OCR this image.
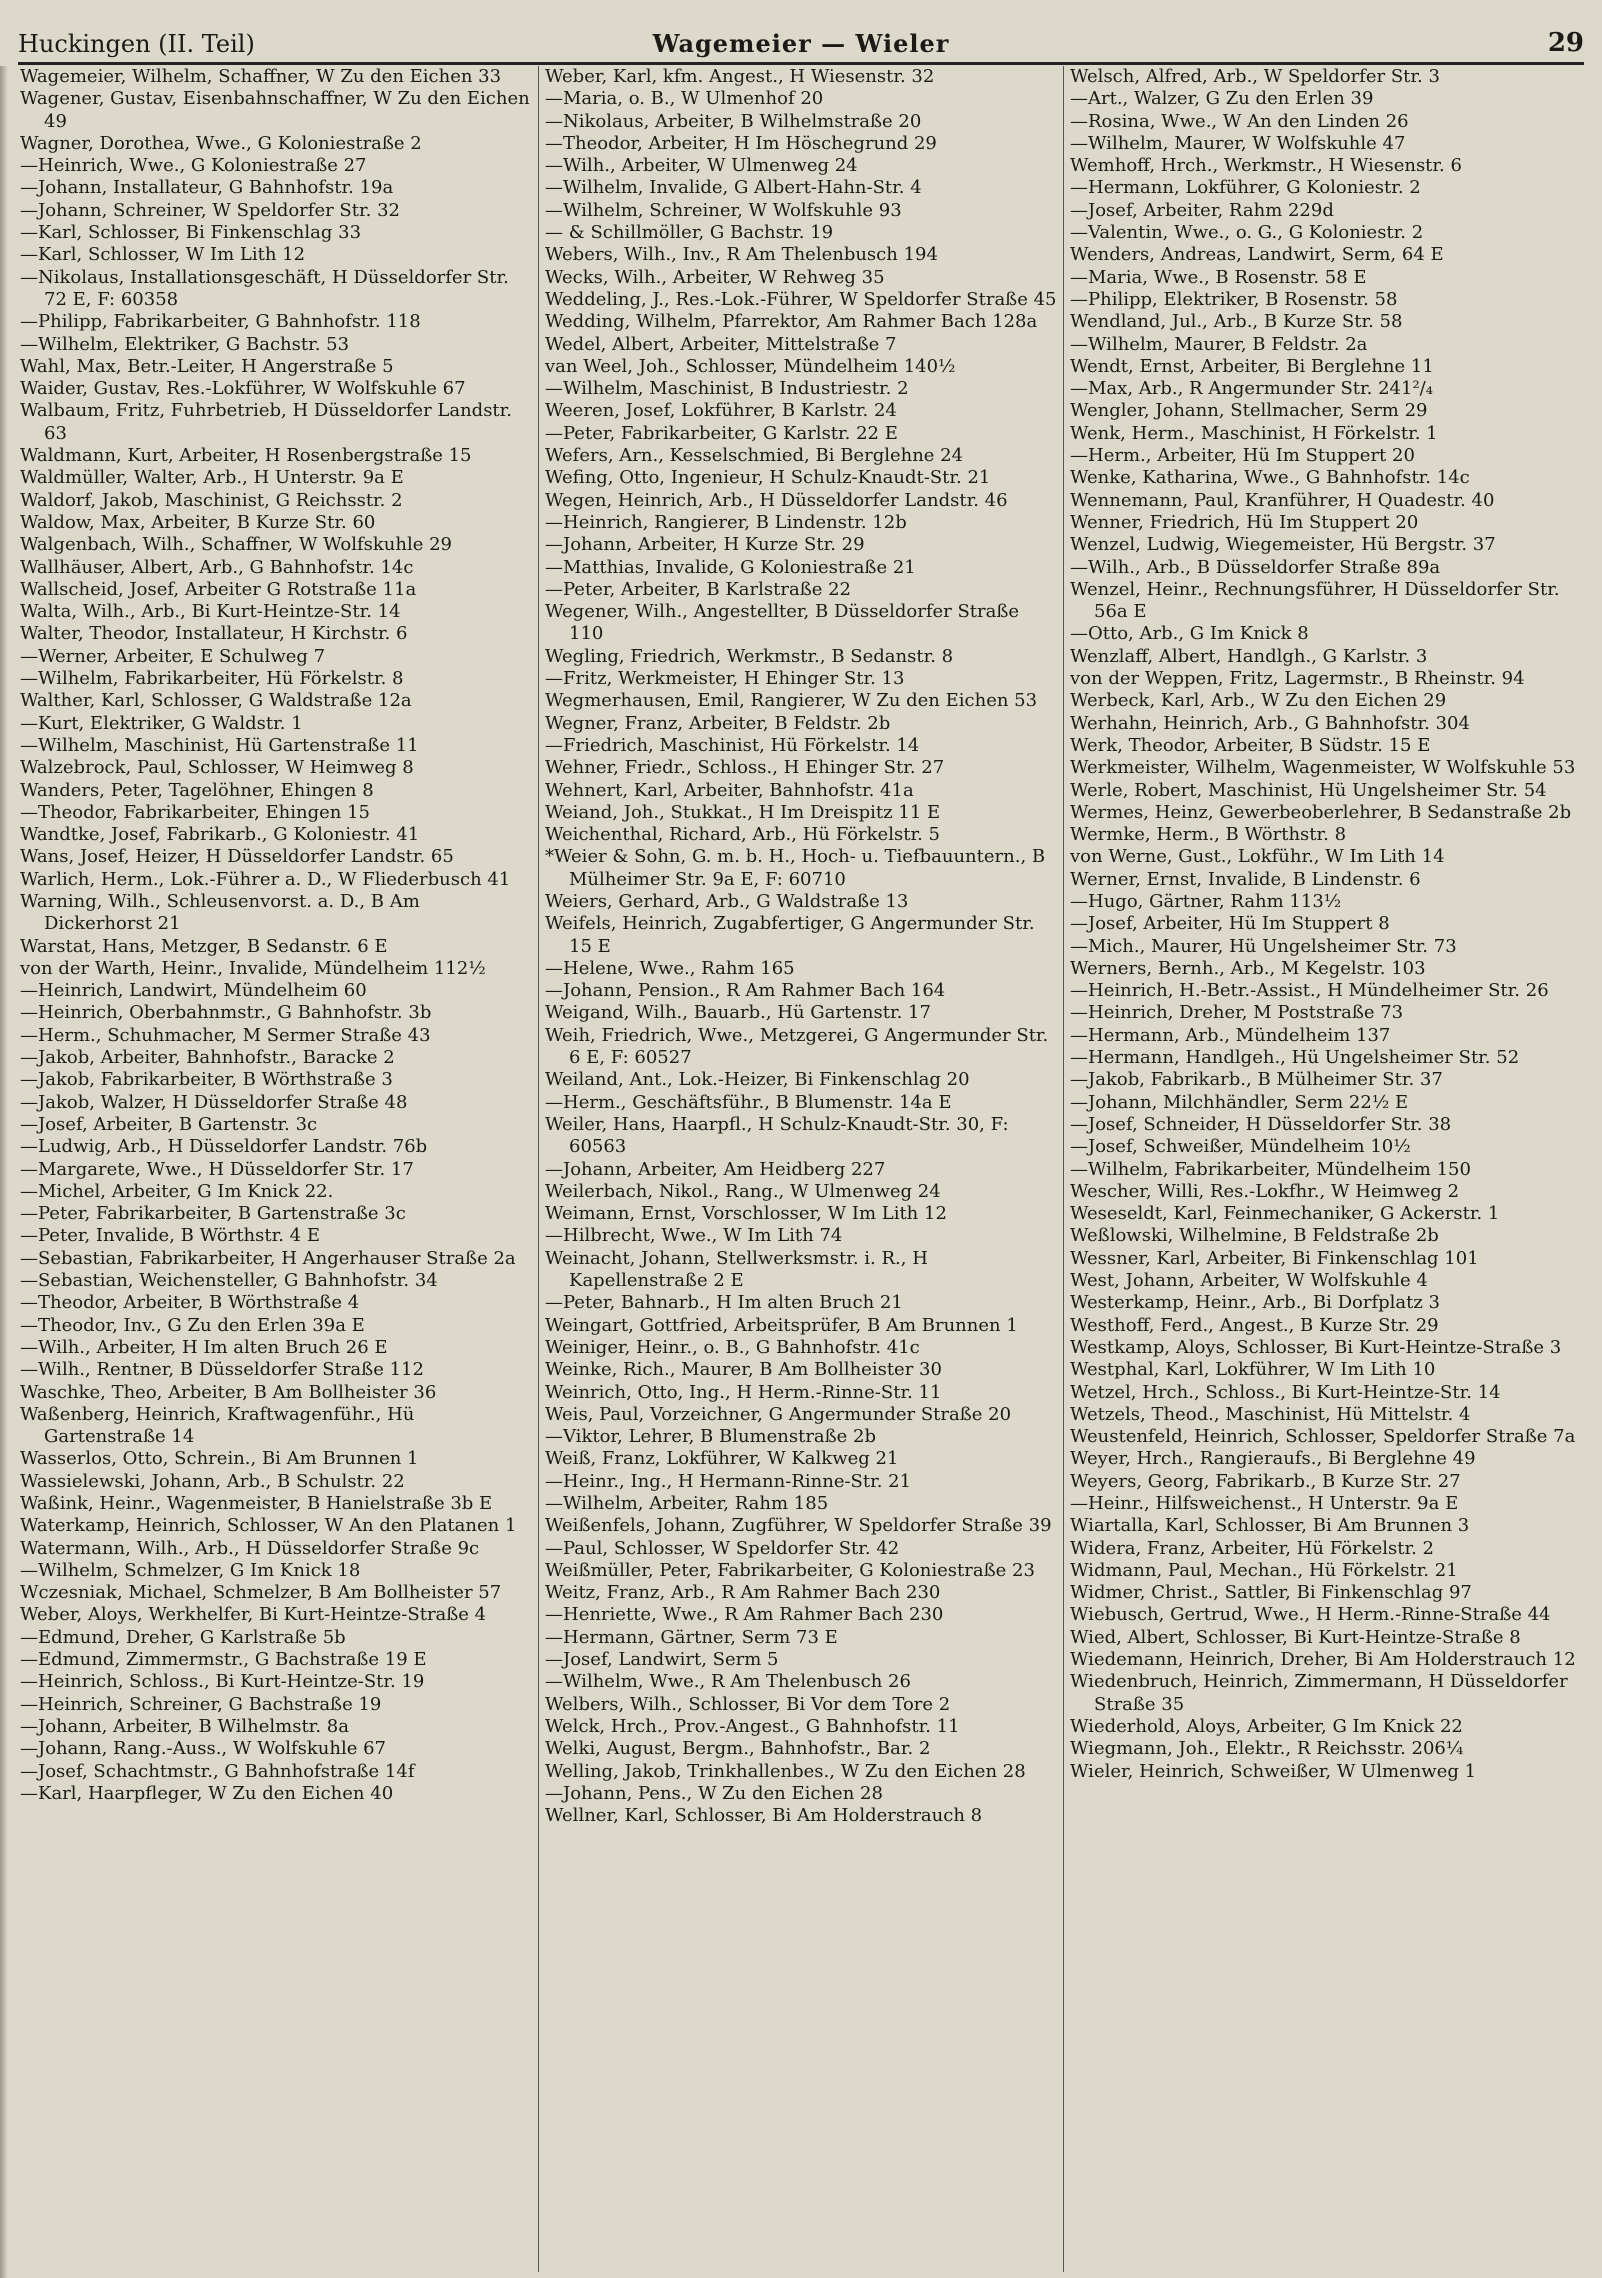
Huckingen (II. Teil)	Wagemeier — Wieler	29

Wagemeier, Wilhelm, Schaffner, W Zu den Eichen 33

Wagener, Gustav, Eisenbahnschaffner, W Zu den Eichen 49

Wagner, Dorothea, Wwe., G Koloniestraße 2

—Heinrich, Wwe., G Koloniestraße 27

—Johann, Installateur, G Bahnhofstr. 19a

—Johann, Schreiner, W Speldorfer Str. 32

—Karl, Schlosser, Bi Finkenschlag 33

—Karl, Schlosser, W Im Lith 12

—Nikolaus, Installationsgeschäft, H Düsseldorfer Str. 72 E, F: 60358

—Philipp, Fabrikarbeiter, G Bahnhofstr. 118

—Wilhelm, Elektriker, G Bachstr. 53

Wahl, Max, Betr.-Leiter, H Angerstraße 5

Waider, Gustav, Res.-Lokführer, W Wolfskuhle 67

Walbaum, Fritz, Fuhrbetrieb, H Düsseldorfer Landstr. 63

Waldmann, Kurt, Arbeiter, H Rosenbergstraße 15

Waldmüller, Walter, Arb., H Unterstr. 9a E

Waldorf, Jakob, Maschinist, G Reichsstr. 2

Waldow, Max, Arbeiter, B Kurze Str. 60

Walgenbach, Wilh., Schaffner, W Wolfskuhle 29

Wallhäuser, Albert, Arb., G Bahnhofstr. 14c

Wallscheid, Josef, Arbeiter G Rotstraße 11a

Walta, Wilh., Arb., Bi Kurt-Heintze-Str. 14

Walter, Theodor, Installateur, H Kirchstr. 6

—Werner, Arbeiter, E Schulweg 7

—Wilhelm, Fabrikarbeiter, Hü Förkelstr. 8

Walther, Karl, Schlosser, G Waldstraße 12a

—Kurt, Elektriker, G Waldstr. 1

—Wilhelm, Maschinist, Hü Gartenstraße 11

Walzebrock, Paul, Schlosser, W Heimweg 8

Wanders, Peter, Tagelöhner, Ehingen 8

—Theodor, Fabrikarbeiter, Ehingen 15

Wandtke, Josef, Fabrikarb., G Koloniestr. 41

Wans, Josef, Heizer, H Düsseldorfer Landstr. 65

Warlich, Herm., Lok.-Führer a. D., W Fliederbusch 41

Warning, Wilh., Schleusenvorst. a. D., B Am Dickerhorst 21

Warstat, Hans, Metzger, B Sedanstr. 6 E

von der Warth, Heinr., Invalide, Mündelheim 112½

—Heinrich, Landwirt, Mündelheim 60

—Heinrich, Oberbahnmstr., G Bahnhofstr. 3b

—Herm., Schuhmacher, M Sermer Straße 43

—Jakob, Arbeiter, Bahnhofstr., Baracke 2

—Jakob, Fabrikarbeiter, B Wörthstraße 3

—Jakob, Walzer, H Düsseldorfer Straße 48

—Josef, Arbeiter, B Gartenstr. 3c

—Ludwig, Arb., H Düsseldorfer Landstr. 76b

—Margarete, Wwe., H Düsseldorfer Str. 17

—Michel, Arbeiter, G Im Knick 22.

—Peter, Fabrikarbeiter, B Gartenstraße 3c

—Peter, Invalide, B Wörthstr. 4 E

—Sebastian, Fabrikarbeiter, H Angerhauser Straße 2a

—Sebastian, Weichensteller, G Bahnhofstr. 34

—Theodor, Arbeiter, B Wörthstraße 4

—Theodor, Inv., G Zu den Erlen 39a E

—Wilh., Arbeiter, H Im alten Bruch 26 E

—Wilh., Rentner, B Düsseldorfer Straße 112

Waschke, Theo, Arbeiter, B Am Bollheister 36

Waßenberg, Heinrich, Kraftwagenführ., Hü Gartenstraße 14

Wasserlos, Otto, Schrein., Bi Am Brunnen 1

Wassielewski, Johann, Arb., B Schulstr. 22

Waßink, Heinr., Wagenmeister, B Hanielstraße 3b E

Waterkamp, Heinrich, Schlosser, W An den Platanen 1

Watermann, Wilh., Arb., H Düsseldorfer Straße 9c

—Wilhelm, Schmelzer, G Im Knick 18

Wczesniak, Michael, Schmelzer, B Am Bollheister 57

Weber, Aloys, Werkhelfer, Bi Kurt-Heintze-Straße 4

—Edmund, Dreher, G Karlstraße 5b

—Edmund, Zimmermstr., G Bachstraße 19 E

—Heinrich, Schloss., Bi Kurt-Heintze-Str. 19

—Heinrich, Schreiner, G Bachstraße 19

—Johann, Arbeiter, B Wilhelmstr. 8a

—Johann, Rang.-Auss., W Wolfskuhle 67

—Josef, Schachtmstr., G Bahnhofstraße 14f

—Karl, Haarpfleger, W Zu den Eichen 40

Weber, Karl, kfm. Angest., H Wiesenstr. 32

—Maria, o. B., W Ulmenhof 20

—Nikolaus, Arbeiter, B Wilhelmstraße 20

—Theodor, Arbeiter, H Im Höschegrund 29

—Wilh., Arbeiter, W Ulmenweg 24

—Wilhelm, Invalide, G Albert-Hahn-Str. 4

—Wilhelm, Schreiner, W Wolfskuhle 93

— & Schillmöller, G Bachstr. 19

Webers, Wilh., Inv., R Am Thelenbusch 194

Wecks, Wilh., Arbeiter, W Rehweg 35

Weddeling, J., Res.-Lok.-Führer, W Speldorfer Straße 45

Wedding, Wilhelm, Pfarrektor, Am Rahmer Bach 128a

Wedel, Albert, Arbeiter, Mittelstraße 7

van Weel, Joh., Schlosser, Mündelheim 140½

—Wilhelm, Maschinist, B Industriestr. 2

Weeren, Josef, Lokführer, B Karlstr. 24

—Peter, Fabrikarbeiter, G Karlstr. 22 E

Wefers, Arn., Kesselschmied, Bi Berglehne 24

Wefing, Otto, Ingenieur, H Schulz-Knaudt-Str. 21

Wegen, Heinrich, Arb., H Düsseldorfer Landstr. 46

—Heinrich, Rangierer, B Lindenstr. 12b

—Johann, Arbeiter, H Kurze Str. 29

—Matthias, Invalide, G Koloniestraße 21

—Peter, Arbeiter, B Karlstraße 22

Wegener, Wilh., Angestellter, B Düsseldorfer Straße 110

Wegling, Friedrich, Werkmstr., B Sedanstr. 8

—Fritz, Werkmeister, H Ehinger Str. 13

Wegmerhausen, Emil, Rangierer, W Zu den Eichen 53

Wegner, Franz, Arbeiter, B Feldstr. 2b

—Friedrich, Maschinist, Hü Förkelstr. 14

Wehner, Friedr., Schloss., H Ehinger Str. 27

Wehnert, Karl, Arbeiter, Bahnhofstr. 41a

Weiand, Joh., Stukkat., H Im Dreispitz 11 E

Weichenthal, Richard, Arb., Hü Förkelstr. 5

*Weier & Sohn, G. m. b. H., Hoch- u. Tiefbauuntern., B Mülheimer Str. 9a E, F: 60710

Weiers, Gerhard, Arb., G Waldstraße 13

Weifels, Heinrich, Zugabfertiger, G Angermunder Str. 15 E

—Helene, Wwe., Rahm 165

—Johann, Pension., R Am Rahmer Bach 164

Weigand, Wilh., Bauarb., Hü Gartenstr. 17

Weih, Friedrich, Wwe., Metzgerei, G Angermunder Str. 6 E, F: 60527

Weiland, Ant., Lok.-Heizer, Bi Finkenschlag 20

—Herm., Geschäftsführ., B Blumenstr. 14a E

Weiler, Hans, Haarpfl., H Schulz-Knaudt-Str. 30, F: 60563

—Johann, Arbeiter, Am Heidberg 227

Weilerbach, Nikol., Rang., W Ulmenweg 24

Weimann, Ernst, Vorschlosser, W Im Lith 12

—Hilbrecht, Wwe., W Im Lith 74

Weinacht, Johann, Stellwerksmstr. i. R., H Kapellenstraße 2 E

—Peter, Bahnarb., H Im alten Bruch 21

Weingart, Gottfried, Arbeitsprüfer, B Am Brunnen 1

Weiniger, Heinr., o. B., G Bahnhofstr. 41c

Weinke, Rich., Maurer, B Am Bollheister 30

Weinrich, Otto, Ing., H Herm.-Rinne-Str. 11

Weis, Paul, Vorzeichner, G Angermunder Straße 20

—Viktor, Lehrer, B Blumenstraße 2b

Weiß, Franz, Lokführer, W Kalkweg 21

—Heinr., Ing., H Hermann-Rinne-Str. 21

—Wilhelm, Arbeiter, Rahm 185

Weißenfels, Johann, Zugführer, W Speldorfer Straße 39

—Paul, Schlosser, W Speldorfer Str. 42

Weißmüller, Peter, Fabrikarbeiter, G Koloniestraße 23

Weitz, Franz, Arb., R Am Rahmer Bach 230

—Henriette, Wwe., R Am Rahmer Bach 230

—Hermann, Gärtner, Serm 73 E

—Josef, Landwirt, Serm 5

—Wilhelm, Wwe., R Am Thelenbusch 26

Welbers, Wilh., Schlosser, Bi Vor dem Tore 2

Welck, Hrch., Prov.-Angest., G Bahnhofstr. 11

Welki, August, Bergm., Bahnhofstr., Bar. 2

Welling, Jakob, Trinkhallenbes., W Zu den Eichen 28

—Johann, Pens., W Zu den Eichen 28

Wellner, Karl, Schlosser, Bi Am Holderstrauch 8

Welsch, Alfred, Arb., W Speldorfer Str. 3

—Art., Walzer, G Zu den Erlen 39

—Rosina, Wwe., W An den Linden 26

—Wilhelm, Maurer, W Wolfskuhle 47

Wemhoff, Hrch., Werkmstr., H Wiesenstr. 6

—Hermann, Lokführer, G Koloniestr. 2

—Josef, Arbeiter, Rahm 229d

—Valentin, Wwe., o. G., G Koloniestr. 2

Wenders, Andreas, Landwirt, Serm, 64 E

—Maria, Wwe., B Rosenstr. 58 E

—Philipp, Elektriker, B Rosenstr. 58

Wendland, Jul., Arb., B Kurze Str. 58

—Wilhelm, Maurer, B Feldstr. 2a

Wendt, Ernst, Arbeiter, Bi Berglehne 11

—Max, Arb., R Angermunder Str. 241²/₄

Wengler, Johann, Stellmacher, Serm 29

Wenk, Herm., Maschinist, H Förkelstr. 1

—Herm., Arbeiter, Hü Im Stuppert 20

Wenke, Katharina, Wwe., G Bahnhofstr. 14c

Wennemann, Paul, Kranführer, H Quadestr. 40

Wenner, Friedrich, Hü Im Stuppert 20

Wenzel, Ludwig, Wiegemeister, Hü Bergstr. 37

—Wilh., Arb., B Düsseldorfer Straße 89a

Wenzel, Heinr., Rechnungsführer, H Düsseldorfer Str. 56a E

—Otto, Arb., G Im Knick 8

Wenzlaff, Albert, Handlgh., G Karlstr. 3

von der Weppen, Fritz, Lagermstr., B Rheinstr. 94

Werbeck, Karl, Arb., W Zu den Eichen 29

Werhahn, Heinrich, Arb., G Bahnhofstr. 304

Werk, Theodor, Arbeiter, B Südstr. 15 E

Werkmeister, Wilhelm, Wagenmeister, W Wolfskuhle 53

Werle, Robert, Maschinist, Hü Ungelsheimer Str. 54

Wermes, Heinz, Gewerbeoberlehrer, B Sedanstraße 2b

Wermke, Herm., B Wörthstr. 8

von Werne, Gust., Lokführ., W Im Lith 14

Werner, Ernst, Invalide, B Lindenstr. 6

—Hugo, Gärtner, Rahm 113½

—Josef, Arbeiter, Hü Im Stuppert 8

—Mich., Maurer, Hü Ungelsheimer Str. 73

Werners, Bernh., Arb., M Kegelstr. 103

—Heinrich, H.-Betr.-Assist., H Mündelheimer Str. 26

—Heinrich, Dreher, M Poststraße 73

—Hermann, Arb., Mündelheim 137

—Hermann, Handlgeh., Hü Ungelsheimer Str. 52

—Jakob, Fabrikarb., B Mülheimer Str. 37

—Johann, Milchhändler, Serm 22½ E

—Josef, Schneider, H Düsseldorfer Str. 38

—Josef, Schweißer, Mündelheim 10½

—Wilhelm, Fabrikarbeiter, Mündelheim 150

Wescher, Willi, Res.-Lokfhr., W Heimweg 2

Weseseldt, Karl, Feinmechaniker, G Ackerstr. 1

Weßlowski, Wilhelmine, B Feldstraße 2b

Wessner, Karl, Arbeiter, Bi Finkenschlag 101

West, Johann, Arbeiter, W Wolfskuhle 4

Westerkamp, Heinr., Arb., Bi Dorfplatz 3

Westhoff, Ferd., Angest., B Kurze Str. 29

Westkamp, Aloys, Schlosser, Bi Kurt-Heintze-Straße 3

Westphal, Karl, Lokführer, W Im Lith 10

Wetzel, Hrch., Schloss., Bi Kurt-Heintze-Str. 14

Wetzels, Theod., Maschinist, Hü Mittelstr. 4

Weustenfeld, Heinrich, Schlosser, Speldorfer Straße 7a

Weyer, Hrch., Rangieraufs., Bi Berglehne 49

Weyers, Georg, Fabrikarb., B Kurze Str. 27

—Heinr., Hilfsweichenst., H Unterstr. 9a E

Wiartalla, Karl, Schlosser, Bi Am Brunnen 3

Widera, Franz, Arbeiter, Hü Förkelstr. 2

Widmann, Paul, Mechan., Hü Förkelstr. 21

Widmer, Christ., Sattler, Bi Finkenschlag 97

Wiebusch, Gertrud, Wwe., H Herm.-Rinne-Straße 44

Wied, Albert, Schlosser, Bi Kurt-Heintze-Straße 8

Wiedemann, Heinrich, Dreher, Bi Am Holderstrauch 12

Wiedenbruch, Heinrich, Zimmermann, H Düsseldorfer Straße 35

Wiederhold, Aloys, Arbeiter, G Im Knick 22

Wiegmann, Joh., Elektr., R Reichsstr. 206¼

Wieler, Heinrich, Schweißer, W Ulmenweg 1
